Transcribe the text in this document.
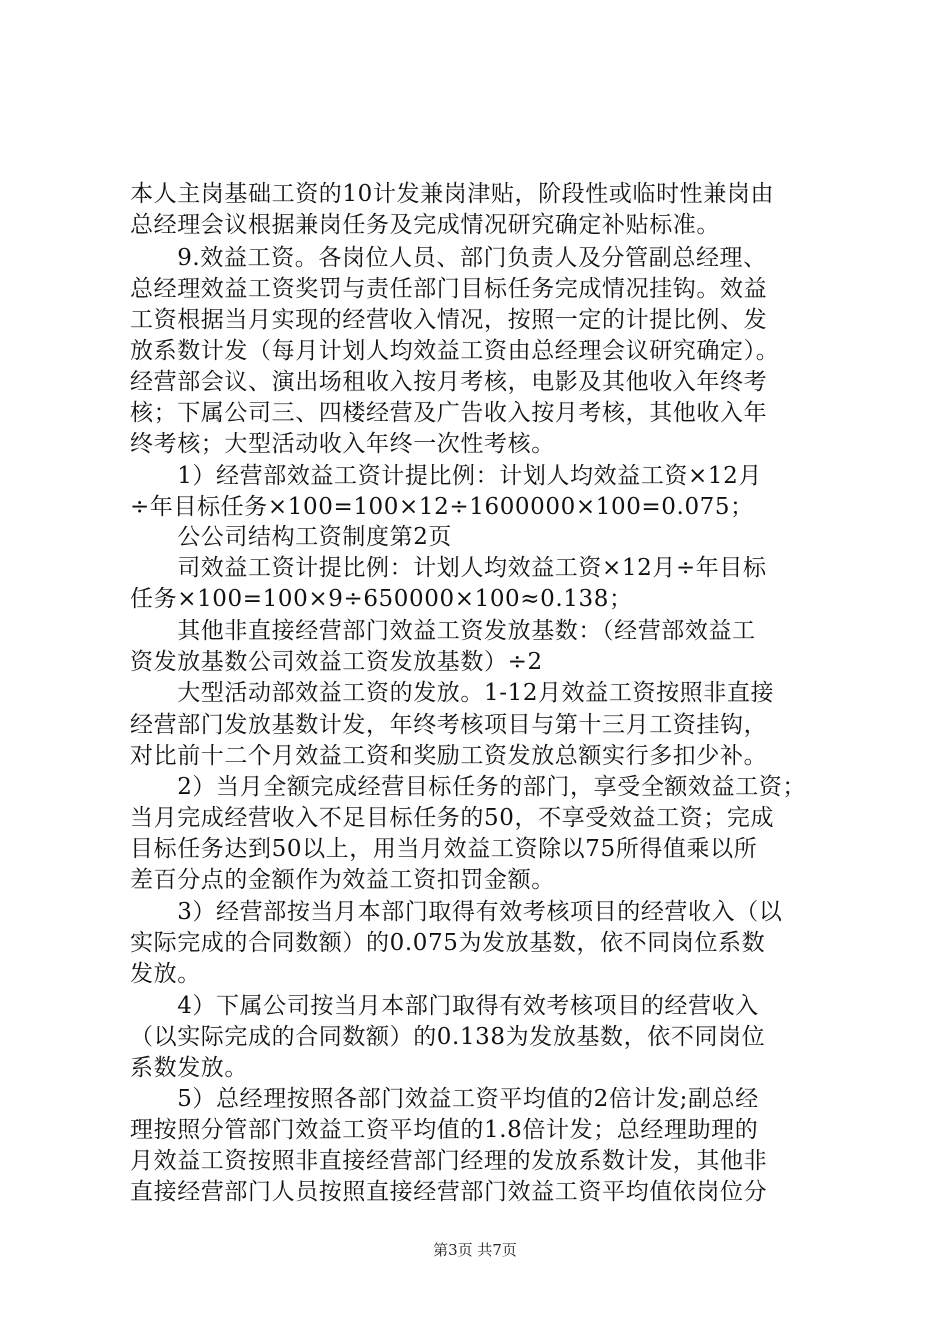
本人主岗基础工资的10计发兼岗津贴，阶段性或临时性兼岗由
总经理会议根据兼岗任务及完成情况研究确定补贴标准。
　　9.效益工资。各岗位人员、部门负责人及分管副总经理、
总经理效益工资奖罚与责任部门目标任务完成情况挂钩。效益
工资根据当月实现的经营收入情况，按照一定的计提比例、发
放系数计发（每月计划人均效益工资由总经理会议研究确定）。
经营部会议、演出场租收入按月考核，电影及其他收入年终考
核；下属公司三、四楼经营及广告收入按月考核，其他收入年
终考核；大型活动收入年终一次性考核。
　　1）经营部效益工资计提比例：计划人均效益工资×12月
÷年目标任务×100=100×12÷1600000×100=0.075；
　　公公司结构工资制度第2页
　　司效益工资计提比例：计划人均效益工资×12月÷年目标
任务×100=100×9÷650000×100≈0.138；
　　其他非直接经营部门效益工资发放基数：（经营部效益工
资发放基数公司效益工资发放基数）÷2
　　大型活动部效益工资的发放。1-12月效益工资按照非直接
经营部门发放基数计发，年终考核项目与第十三月工资挂钩，
对比前十二个月效益工资和奖励工资发放总额实行多扣少补。
　　2）当月全额完成经营目标任务的部门，享受全额效益工资；
当月完成经营收入不足目标任务的50，不享受效益工资；完成
目标任务达到50以上，用当月效益工资除以75所得值乘以所
差百分点的金额作为效益工资扣罚金额。
　　3）经营部按当月本部门取得有效考核项目的经营收入（以
实际完成的合同数额）的0.075为发放基数，依不同岗位系数
发放。
　　4）下属公司按当月本部门取得有效考核项目的经营收入
（以实际完成的合同数额）的0.138为发放基数，依不同岗位
系数发放。
　　5）总经理按照各部门效益工资平均值的2倍计发;副总经
理按照分管部门效益工资平均值的1.8倍计发；总经理助理的
月效益工资按照非直接经营部门经理的发放系数计发，其他非
直接经营部门人员按照直接经营部门效益工资平均值依岗位分
第3页 共7页
